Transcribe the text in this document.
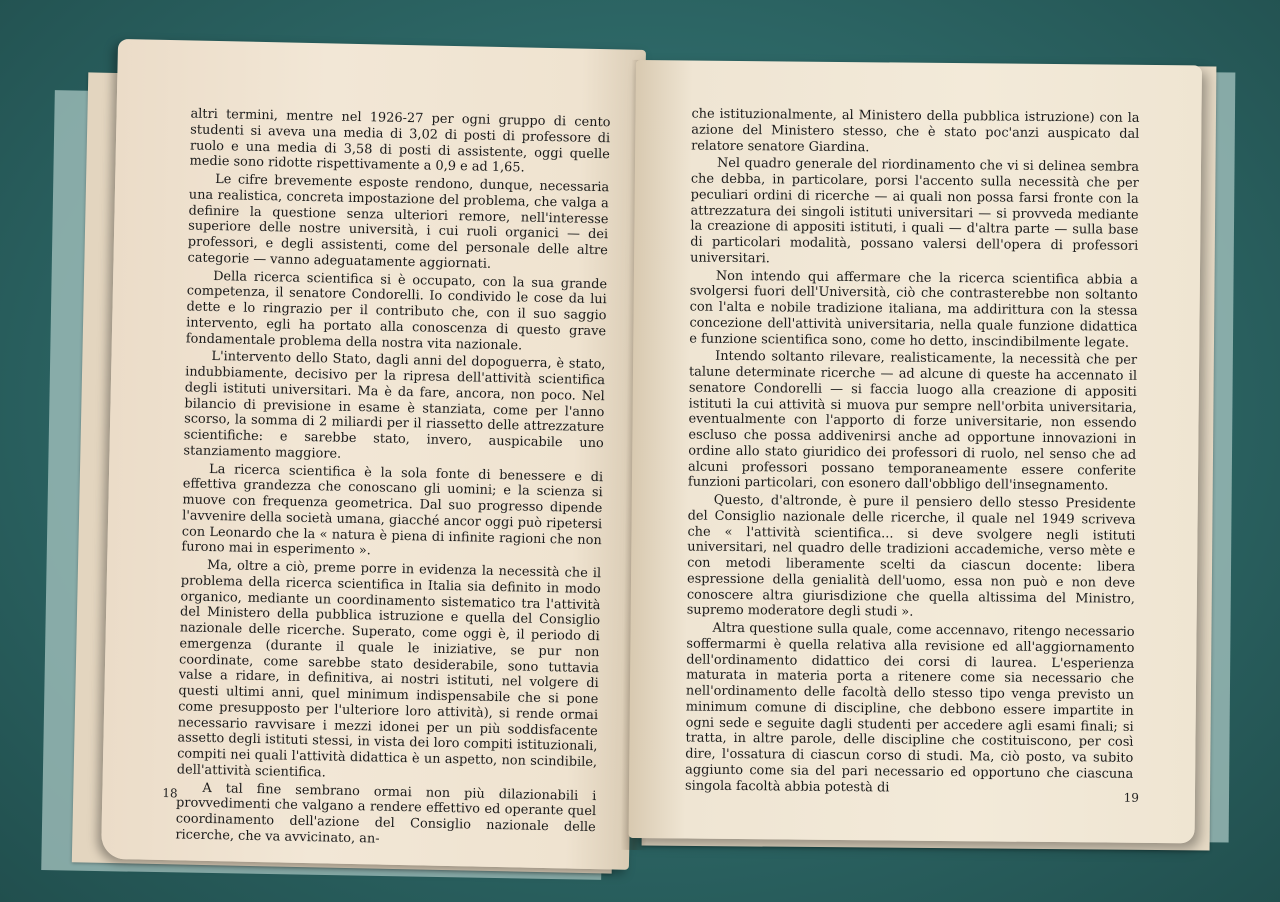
altri termini, mentre nel 1926-27 per ogni gruppo di cento studenti si aveva una media di 3,02 di posti di professore di ruolo e una media di 3,58 di posti di assistente, oggi quelle medie sono ridotte rispettivamente a 0,9 e ad 1,65.

Le cifre brevemente esposte rendono, dunque, necessaria una realistica, concreta impostazione del problema, che valga a definire la questione senza ulteriori remore, nell'interesse superiore delle nostre università, i cui ruoli organici — dei professori, e degli assistenti, come del personale delle altre categorie — vanno adeguatamente aggiornati.

Della ricerca scientifica si è occupato, con la sua grande competenza, il senatore Condorelli. Io condivido le cose da lui dette e lo ringrazio per il contributo che, con il suo saggio intervento, egli ha portato alla conoscenza di questo grave fondamentale problema della nostra vita nazionale.

L'intervento dello Stato, dagli anni del dopoguerra, è stato, indubbiamente, decisivo per la ripresa dell'attività scientifica degli istituti universitari. Ma è da fare, ancora, non poco. Nel bilancio di previsione in esame è stanziata, come per l'anno scorso, la somma di 2 miliardi per il riassetto delle attrezzature scientifiche: e sarebbe stato, invero, auspicabile uno stanziamento maggiore.

La ricerca scientifica è la sola fonte di benessere e di effettiva grandezza che conoscano gli uomini; e la scienza si muove con frequenza geometrica. Dal suo progresso dipende l'avvenire della società umana, giacché ancor oggi può ripetersi con Leonardo che la « natura è piena di infinite ragioni che non furono mai in esperimento ».

Ma, oltre a ciò, preme porre in evidenza la necessità che il problema della ricerca scientifica in Italia sia definito in modo organico, mediante un coordinamento sistematico tra l'attività del Ministero della pubblica istruzione e quella del Consiglio nazionale delle ricerche. Superato, come oggi è, il periodo di emergenza (durante il quale le iniziative, se pur non coordinate, come sarebbe stato desiderabile, sono tuttavia valse a ridare, in definitiva, ai nostri istituti, nel volgere di questi ultimi anni, quel minimum indispensabile che si pone come presupposto per l'ulteriore loro attività), si rende ormai necessario ravvisare i mezzi idonei per un più soddisfacente assetto degli istituti stessi, in vista dei loro compiti istituzionali, compiti nei quali l'attività didattica è un aspetto, non scindibile, dell'attività scientifica.

A tal fine sembrano ormai non più dilazionabili i provvedimenti che valgano a rendere effettivo ed operante quel coordinamento dell'azione del Consiglio nazionale delle ricerche, che va avvicinato, an-

18

che istituzionalmente, al Ministero della pubblica istruzione) con la azione del Ministero stesso, che è stato poc'anzi auspicato dal relatore senatore Giardina.

Nel quadro generale del riordinamento che vi si delinea sembra che debba, in particolare, porsi l'accento sulla necessità che per peculiari ordini di ricerche — ai quali non possa farsi fronte con la attrezzatura dei singoli istituti universitari — si provveda mediante la creazione di appositi istituti, i quali — d'altra parte — sulla base di particolari modalità, possano valersi dell'opera di professori universitari.

Non intendo qui affermare che la ricerca scientifica abbia a svolgersi fuori dell'Università, ciò che contrasterebbe non soltanto con l'alta e nobile tradizione italiana, ma addirittura con la stessa concezione dell'attività universitaria, nella quale funzione didattica e funzione scientifica sono, come ho detto, inscindibilmente legate.

Intendo soltanto rilevare, realisticamente, la necessità che per talune determinate ricerche — ad alcune di queste ha accennato il senatore Condorelli — si faccia luogo alla creazione di appositi istituti la cui attività si muova pur sempre nell'orbita universitaria, eventualmente con l'apporto di forze universitarie, non essendo escluso che possa addivenirsi anche ad opportune innovazioni in ordine allo stato giuridico dei professori di ruolo, nel senso che ad alcuni professori possano temporaneamente essere conferite funzioni particolari, con esonero dall'obbligo dell'insegnamento.

Questo, d'altronde, è pure il pensiero dello stesso Presidente del Consiglio nazionale delle ricerche, il quale nel 1949 scriveva che « l'attività scientifica... si deve svolgere negli istituti universitari, nel quadro delle tradizioni accademiche, verso mète e con metodi liberamente scelti da ciascun docente: libera espressione della genialità dell'uomo, essa non può e non deve conoscere altra giurisdizione che quella altissima del Ministro, supremo moderatore degli studi ».

Altra questione sulla quale, come accennavo, ritengo necessario soffermarmi è quella relativa alla revisione ed all'aggiornamento dell'ordinamento didattico dei corsi di laurea. L'esperienza maturata in materia porta a ritenere come sia necessario che nell'ordinamento delle facoltà dello stesso tipo venga previsto un minimum comune di discipline, che debbono essere impartite in ogni sede e seguite dagli studenti per accedere agli esami finali; si tratta, in altre parole, delle discipline che costituiscono, per così dire, l'ossatura di ciascun corso di studi. Ma, ciò posto, va subito aggiunto come sia del pari necessario ed opportuno che ciascuna singola facoltà abbia potestà di

19
